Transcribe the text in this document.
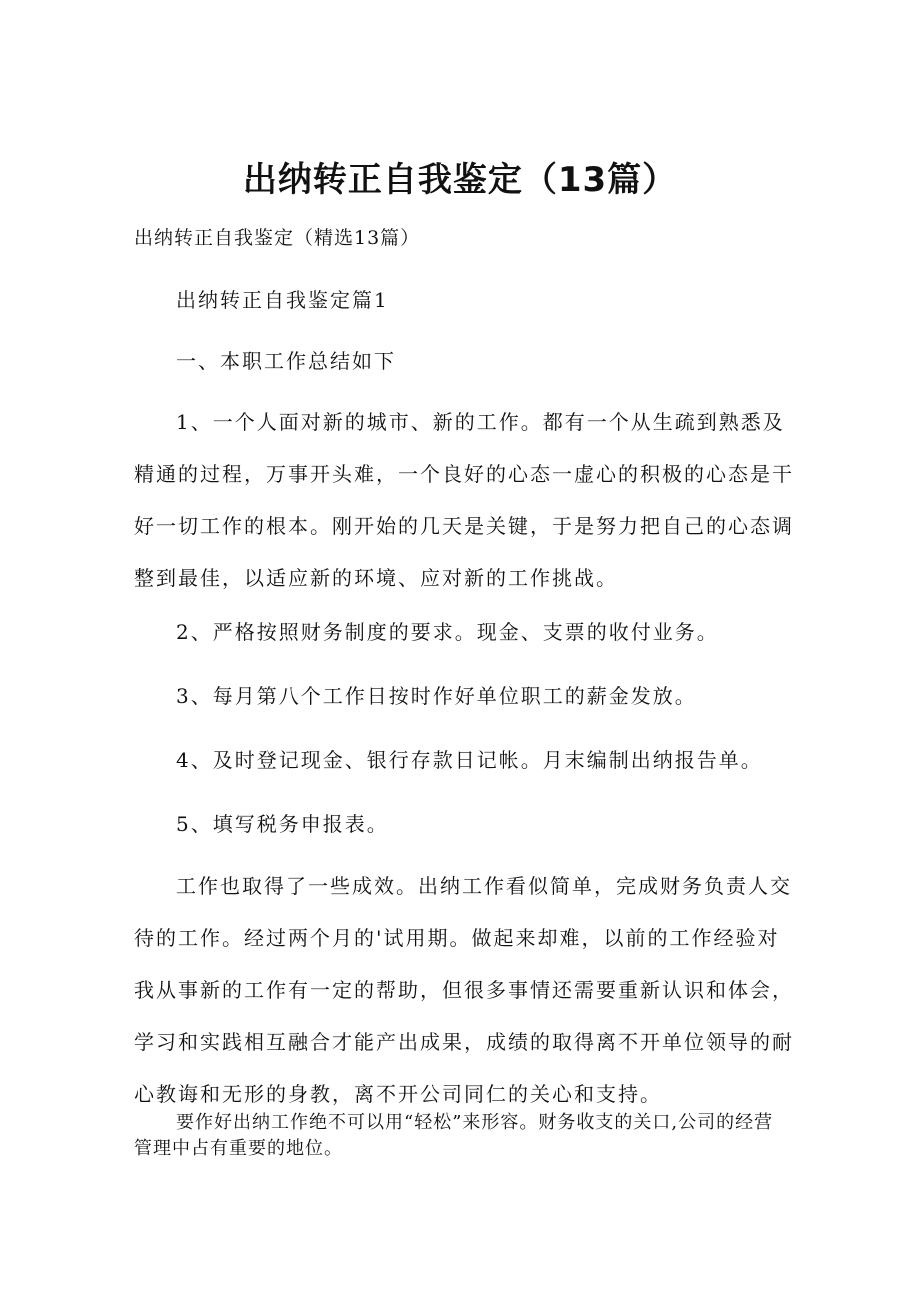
出纳转正自我鉴定（13篇）

出纳转正自我鉴定（精选13篇）

出纳转正自我鉴定篇1

一、本职工作总结如下

1、一个人面对新的城市、新的工作。都有一个从生疏到熟悉及精通的过程，万事开头难，一个良好的心态一虚心的积极的心态是干好一切工作的根本。刚开始的几天是关键，于是努力把自己的心态调整到最佳，以适应新的环境、应对新的工作挑战。

2、严格按照财务制度的要求。现金、支票的收付业务。

3、每月第八个工作日按时作好单位职工的薪金发放。

4、及时登记现金、银行存款日记帐。月末编制出纳报告单。

5、填写税务申报表。

工作也取得了一些成效。出纳工作看似简单，完成财务负责人交待的工作。经过两个月的'试用期。做起来却难，以前的工作经验对我从事新的工作有一定的帮助，但很多事情还需要重新认识和体会，学习和实践相互融合才能产出成果，成绩的取得离不开单位领导的耐心教诲和无形的身教，离不开公司同仁的关心和支持。

要作好出纳工作绝不可以用“轻松”来形容。财务收支的关口,公司的经营管理中占有重要的地位。
